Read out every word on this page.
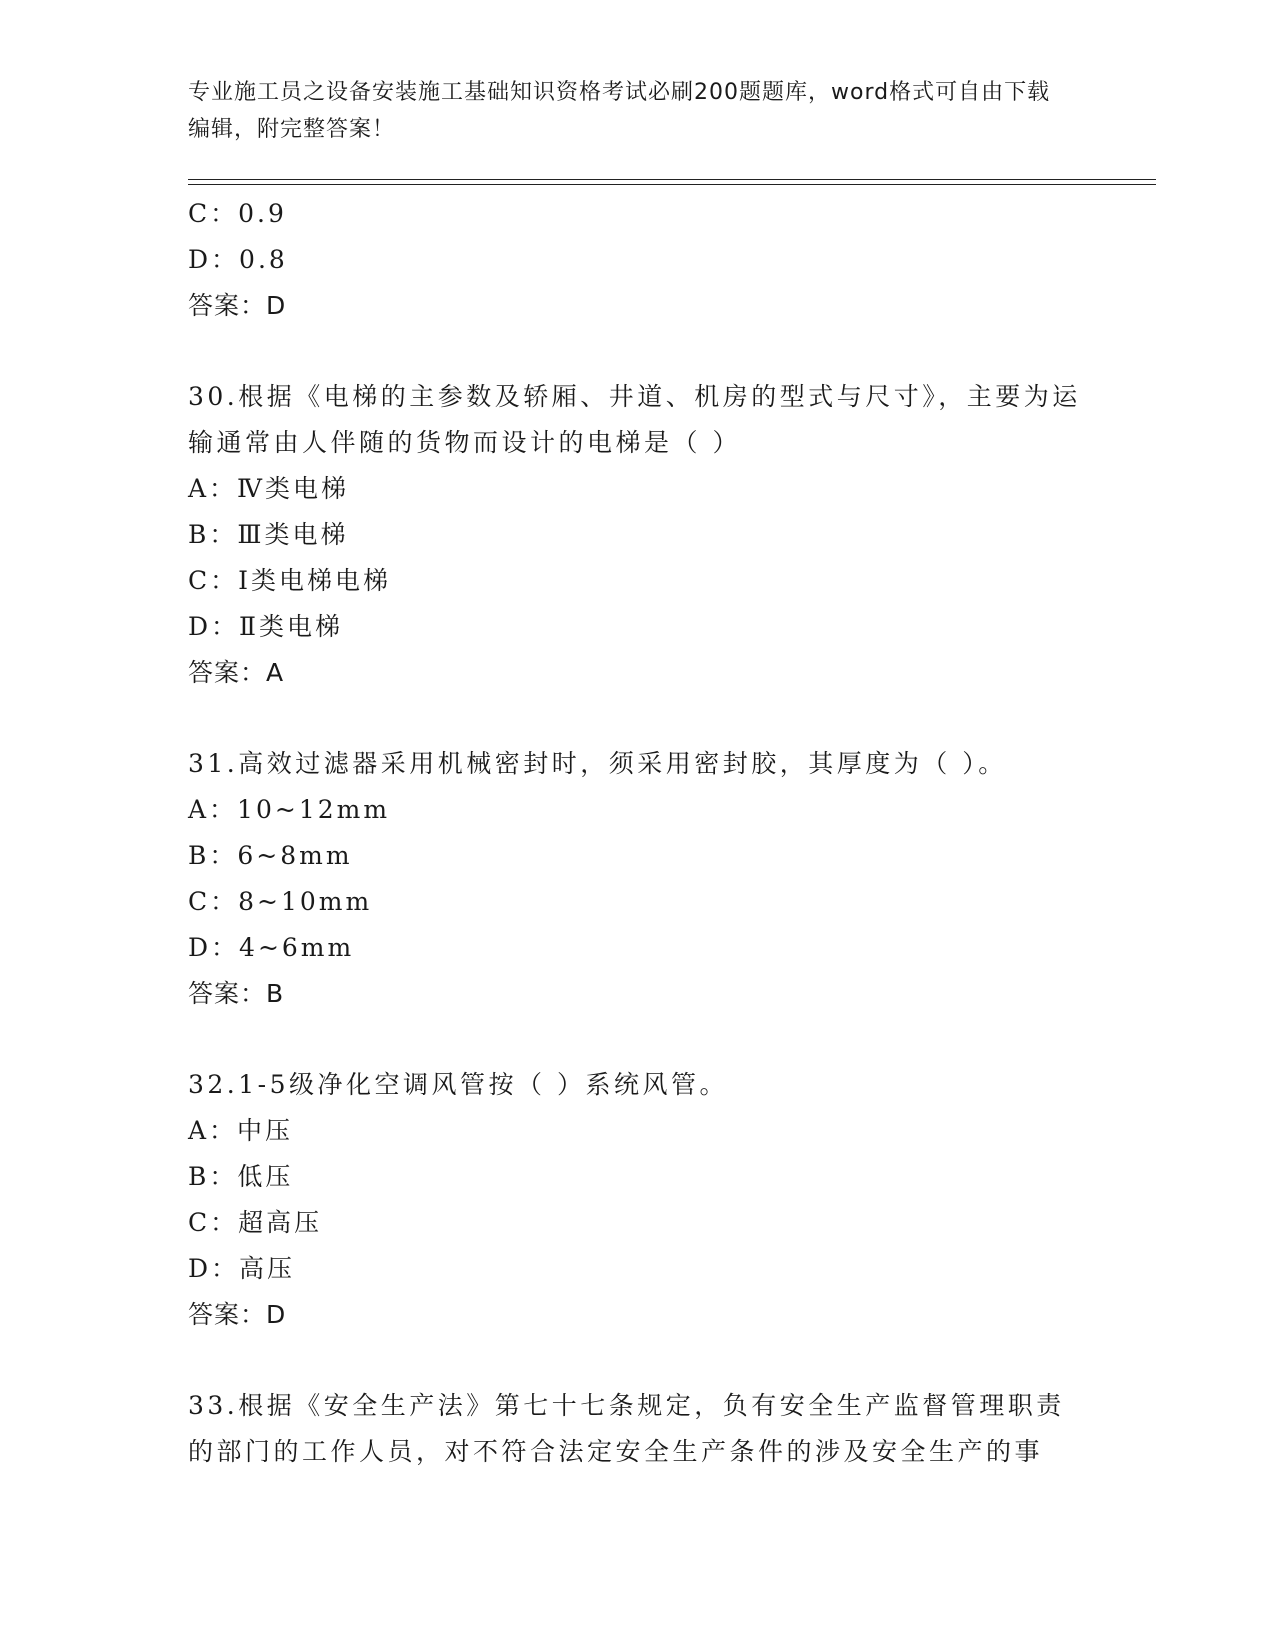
专业施工员之设备安装施工基础知识资格考试必刷200题题库，word格式可自由下载编辑，附完整答案！
C：0.9
D：0.8
答案：D
30.根据《电梯的主参数及轿厢、井道、机房的型式与尺寸》，主要为运输通常由人伴随的货物而设计的电梯是（ ）
A：Ⅳ类电梯
B：Ⅲ类电梯
C：Ⅰ类电梯电梯
D：Ⅱ类电梯
答案：A
31.高效过滤器采用机械密封时，须采用密封胶，其厚度为（ ）。
A：10~12mm
B：6~8mm
C：8~10mm
D：4~6mm
答案：B
32.1-5级净化空调风管按（ ）系统风管。
A：中压
B：低压
C：超高压
D：高压
答案：D
33.根据《安全生产法》第七十七条规定，负有安全生产监督管理职责的部门的工作人员，对不符合法定安全生产条件的涉及安全生产的事
